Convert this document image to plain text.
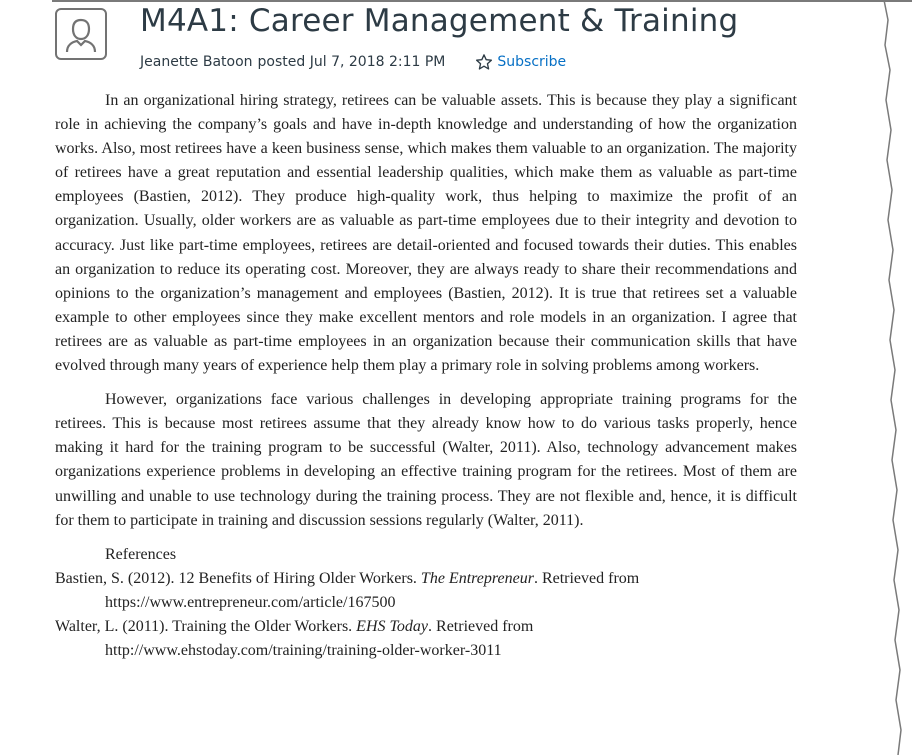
M4A1: Career Management & Training
Jeanette Batoon posted
Jul 7, 2018 2:11 PM	Subscribe

In an organizational hiring strategy, retirees can be valuable assets. This is because they play a significant role in achieving the company’s goals and have in-depth knowledge and understanding of how the organization works. Also, most retirees have a keen business sense, which makes them valuable to an organization. The majority of retirees have a great reputation and essential leadership qualities, which make them as valuable as part-time employees (Bastien, 2012). They produce high-quality work, thus helping to maximize the profit of an organization. Usually, older workers are as valuable as part-time employees due to their integrity and devotion to accuracy. Just like part-time employees, retirees are detail-oriented and focused towards their duties. This enables an organization to reduce its operating cost. Moreover, they are always ready to share their recommendations and opinions to the organization’s management and employees (Bastien, 2012). It is true that retirees set a valuable example to other employees since they make excellent mentors and role models in an organization. I agree that retirees are as valuable as part-time employees in an organization because their communication skills that have evolved through many years of experience help them play a primary role in solving problems among workers.

However, organizations face various challenges in developing appropriate training programs for the retirees. This is because most retirees assume that they already know how to do various tasks properly, hence making it hard for the training program to be successful (Walter, 2011). Also, technology advancement makes organizations experience problems in developing an effective training program for the retirees. Most of them are unwilling and unable to use technology during the training process. They are not flexible and, hence, it is difficult for them to participate in training and discussion sessions regularly (Walter, 2011).

References
Bastien, S. (2012). 12 Benefits of Hiring Older Workers. The Entrepreneur. Retrieved from
https://www.entrepreneur.com/article/167500
Walter, L. (2011). Training the Older Workers. EHS Today. Retrieved from
http://www.ehstoday.com/training/training-older-worker-3011
